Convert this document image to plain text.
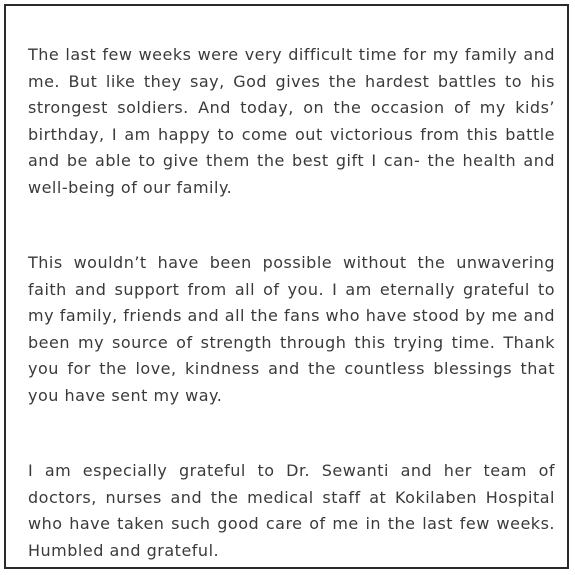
The last few weeks were very difficult time for my family and me. But like they say, God gives the hardest battles to his strongest soldiers. And today, on the occasion of my kids’ birthday, I am happy to come out victorious from this battle and be able to give them the best gift I can- the health and well-being of our family.

This wouldn’t have been possible without the unwavering faith and support from all of you. I am eternally grateful to my family, friends and all the fans who have stood by me and been my source of strength through this trying time. Thank you for the love, kindness and the countless blessings that you have sent my way.

I am especially grateful to Dr. Sewanti and her team of doctors, nurses and the medical staff at Kokilaben Hospital who have taken such good care of me in the last few weeks. Humbled and grateful.
